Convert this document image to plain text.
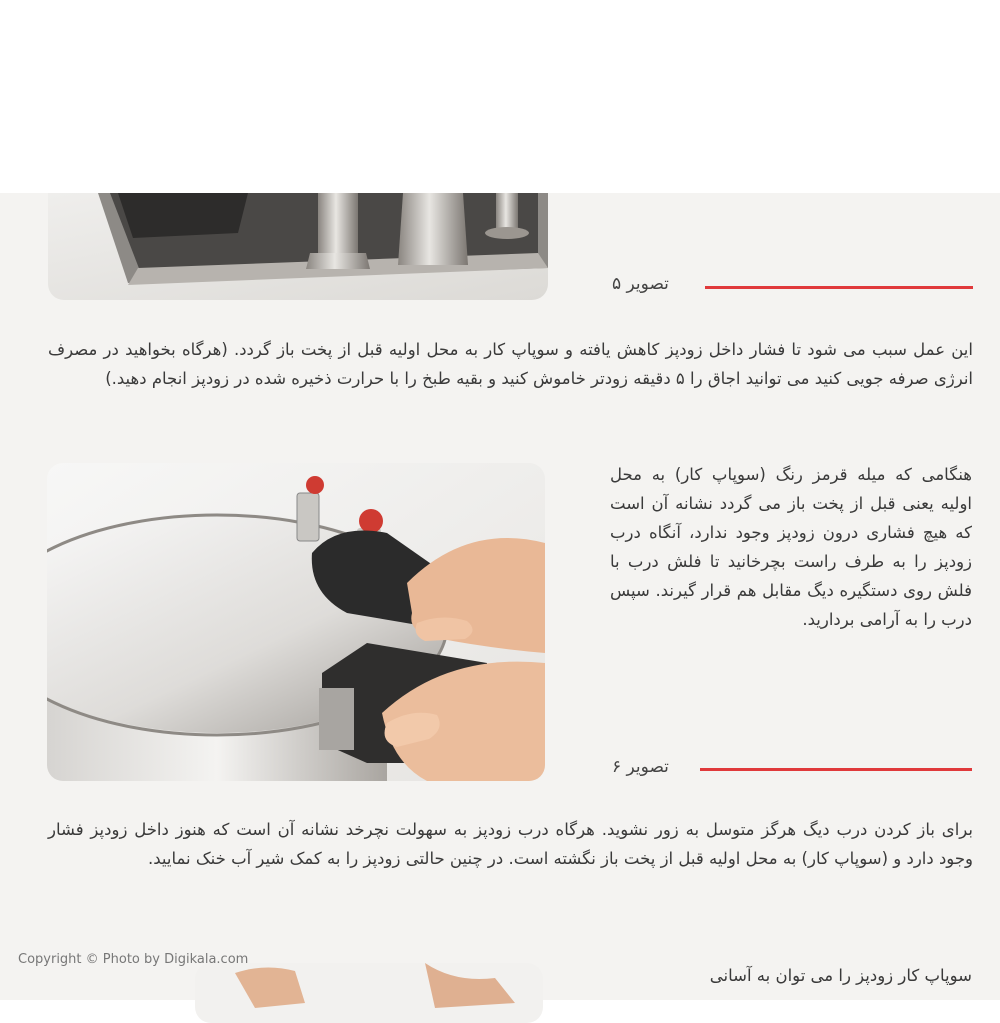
تصویر ۵

این عمل سبب می شود تا فشار داخل زودپز کاهش یافته و سوپاپ کار به محل اولیه قبل از پخت باز گردد. (هرگاه بخواهید در مصرف انرژی صرفه جویی کنید می توانید اجاق را ۵ دقیقه زودتر خاموش کنید و بقیه طبخ را با حرارت ذخیره شده در زودپز انجام دهید.)

هنگامی که میله قرمز رنگ (سوپاپ کار) به محل اولیه یعنی قبل از پخت باز می گردد نشانه آن است که هیچ فشاری درون زودپز وجود ندارد، آنگاه درب زودپز را به طرف راست بچرخانید تا فلش درب با فلش روی دستگیره دیگ مقابل هم قرار گیرند. سپس درب را به آرامی بردارید.

تصویر ۶

برای باز کردن درب دیگ هرگز متوسل به زور نشوید. هرگاه درب زودپز به سهولت نچرخد نشانه آن است که هنوز داخل زودپز فشار وجود دارد و (سوپاپ کار) به محل اولیه قبل از پخت باز نگشته است. در چنین حالتی زودپز را به کمک شیر آب خنک نمایید.

سوپاپ کار زودپز را می توان به آسانی

Copyright © Photo by Digikala.com
